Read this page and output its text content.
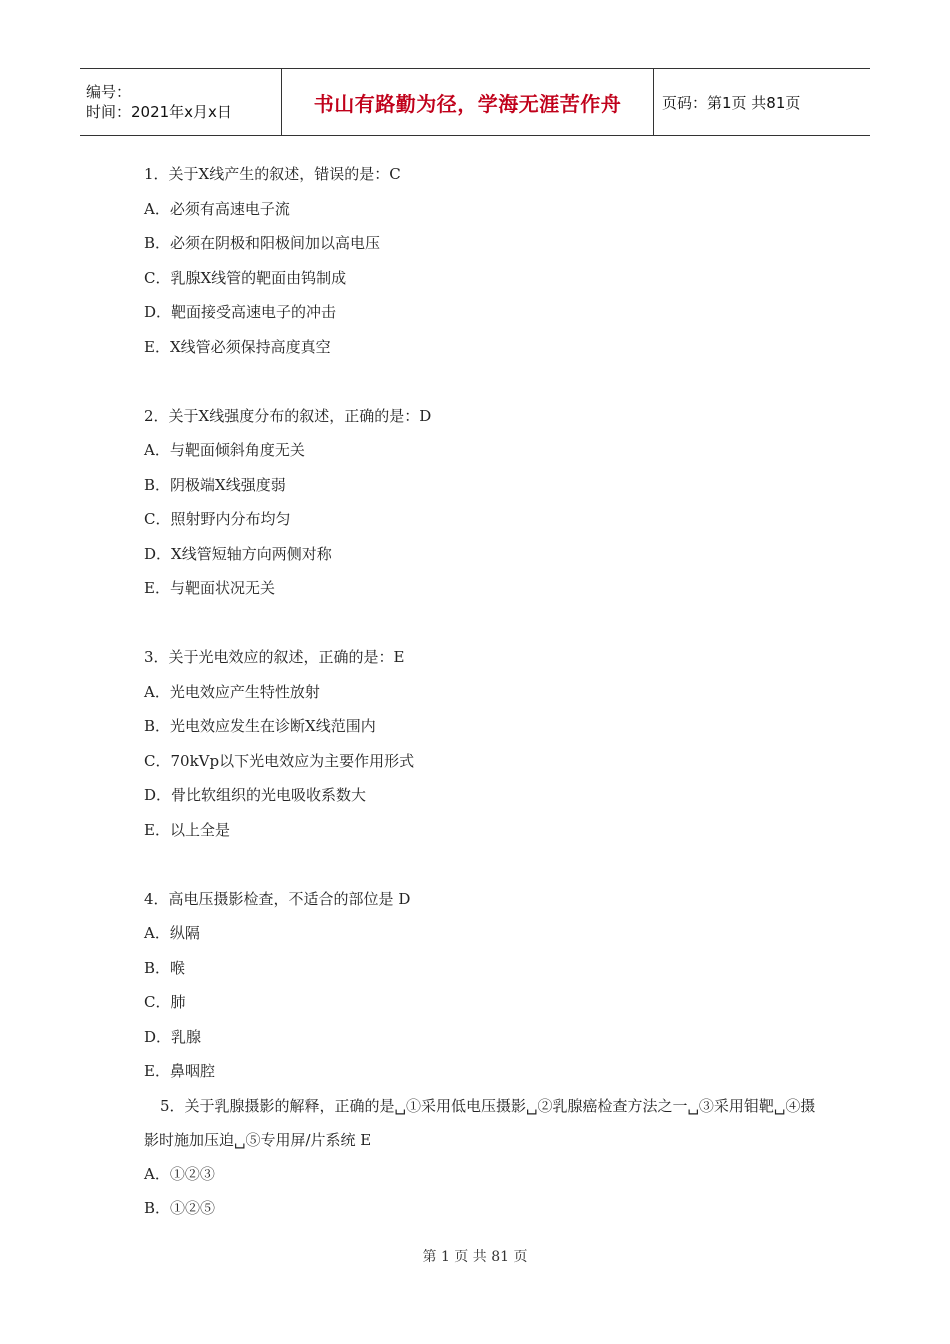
编号：
时间：2021年x月x日	书山有路勤为径，学海无涯苦作舟	页码：第1页 共81页
1．关于X线产生的叙述，错误的是：C
A．必须有高速电子流
B．必须在阴极和阳极间加以高电压
C．乳腺X线管的靶面由钨制成
D．靶面接受高速电子的冲击
E．X线管必须保持高度真空
2．关于X线强度分布的叙述，正确的是：D
A．与靶面倾斜角度无关
B．阴极端X线强度弱
C．照射野内分布均匀
D．X线管短轴方向两侧对称
E．与靶面状况无关
3．关于光电效应的叙述，正确的是：E
A．光电效应产生特性放射
B．光电效应发生在诊断X线范围内
C．70kVp以下光电效应为主要作用形式
D．骨比软组织的光电吸收系数大
E．以上全是
4．高电压摄影检查，不适合的部位是 D
A．纵隔
B．喉
C．肺
D．乳腺
E．鼻咽腔
5．关于乳腺摄影的解释，正确的是␣①采用低电压摄影␣②乳腺癌检查方法之一␣③采用钼靶␣④摄影时施加压迫␣⑤专用屏/片系统 E
A．①②③
B．①②⑤
第 1 页 共 81 页
